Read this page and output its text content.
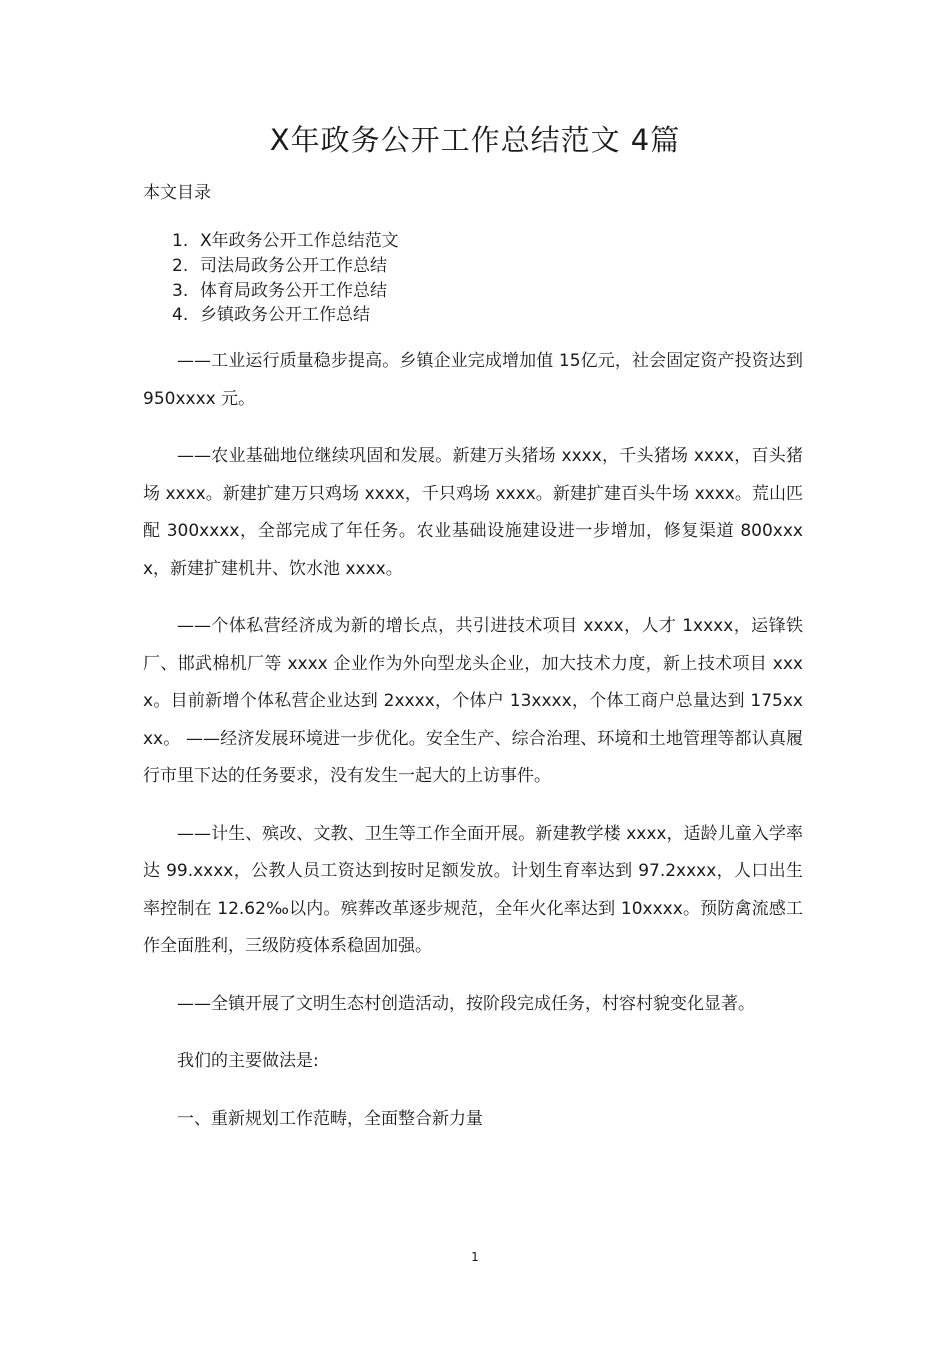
X年政务公开工作总结范文 4篇
本文目录
1. X年政务公开工作总结范文
2. 司法局政务公开工作总结
3. 体育局政务公开工作总结
4. 乡镇政务公开工作总结

——工业运行质量稳步提高。乡镇企业完成增加值 15亿元，社会固定资产投资达到 950xxxx 元。

——农业基础地位继续巩固和发展。新建万头猪场 xxxx，千头猪场 xxxx，百头猪场 xxxx。新建扩建万只鸡场 xxxx，千只鸡场 xxxx。新建扩建百头牛场 xxxx。荒山匹配 300xxxx，全部完成了年任务。农业基础设施建设进一步增加，修复渠道 800xxxx，新建扩建机井、饮水池 xxxx。

——个体私营经济成为新的增长点，共引进技术项目 xxxx，人才 1xxxx，运锋铁厂、邯武棉机厂等 xxxx 企业作为外向型龙头企业，加大技术力度，新上技术项目 xxxx。目前新增个体私营企业达到 2xxxx，个体户 13xxxx，个体工商户总量达到 175xxxx。 ——经济发展环境进一步优化。安全生产、综合治理、环境和土地管理等都认真履行市里下达的任务要求，没有发生一起大的上访事件。

——计生、殡改、文教、卫生等工作全面开展。新建教学楼 xxxx，适龄儿童入学率达 99.xxxx，公教人员工资达到按时足额发放。计划生育率达到 97.2xxxx，人口出生率控制在 12.62‰以内。殡葬改革逐步规范，全年火化率达到 10xxxx。预防禽流感工作全面胜利，三级防疫体系稳固加强。

——全镇开展了文明生态村创造活动，按阶段完成任务，村容村貌变化显著。

我们的主要做法是:

一、重新规划工作范畴，全面整合新力量

1
